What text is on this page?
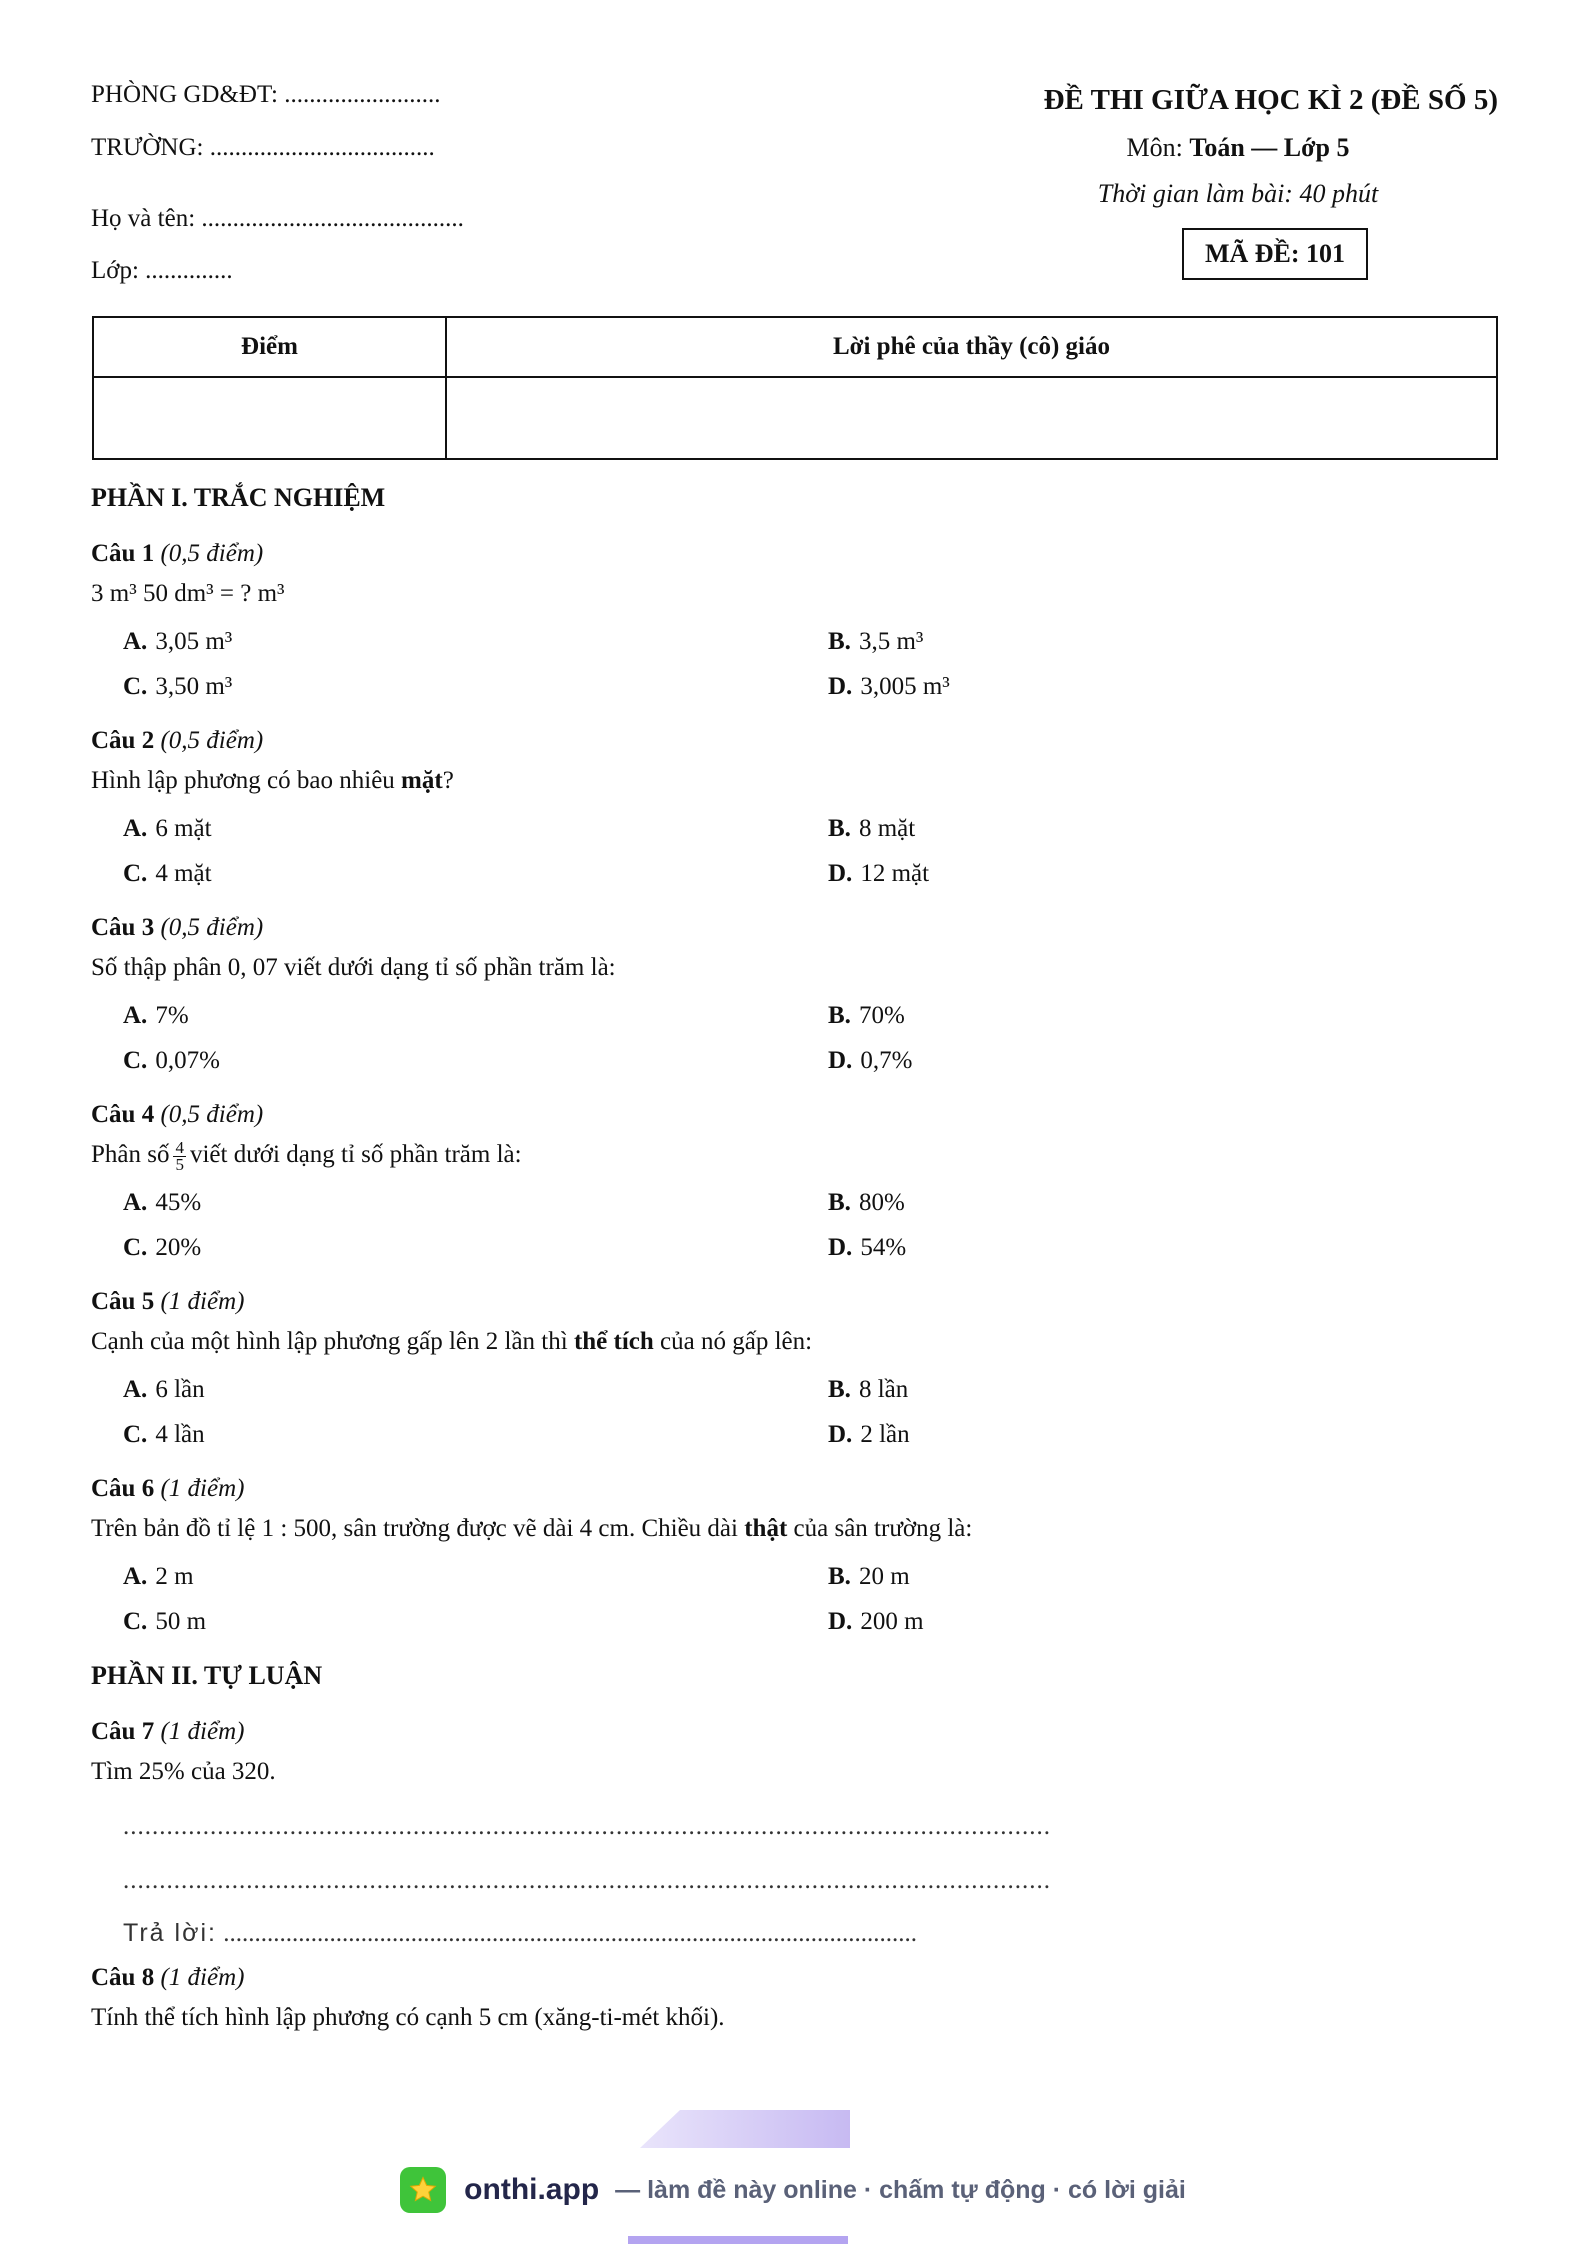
PHÒNG GD&ĐT: .........................
TRƯỜNG: ....................................
Họ và tên: ..........................................
Lớp: ..............
ĐỀ THI GIỮA HỌC KÌ 2 (ĐỀ SỐ 5)
Môn: Toán — Lớp 5
Thời gian làm bài: 40 phút
MÃ ĐỀ: 101
Điểm	Lời phê của thầy (cô) giáo

PHẦN I. TRẮC NGHIỆM
Câu 1 (0,5 điểm)
3 m³ 50 dm³ = ? m³
A. 3,05 m³	B. 3,5 m³
C. 3,50 m³	D. 3,005 m³
Câu 2 (0,5 điểm)
Hình lập phương có bao nhiêu mặt?
A. 6 mặt	B. 8 mặt
C. 4 mặt	D. 12 mặt
Câu 3 (0,5 điểm)
Số thập phân 0, 07 viết dưới dạng tỉ số phần trăm là:
A. 7%	B. 70%
C. 0,07%	D. 0,7%
Câu 4 (0,5 điểm)
Phân số $\frac{4}{5}$ viết dưới dạng tỉ số phần trăm là:
A. 45%	B. 80%
C. 20%	D. 54%
Câu 5 (1 điểm)
Cạnh của một hình lập phương gấp lên 2 lần thì thể tích của nó gấp lên:
A. 6 lần	B. 8 lần
C. 4 lần	D. 2 lần
Câu 6 (1 điểm)
Trên bản đồ tỉ lệ 1 : 500, sân trường được vẽ dài 4 cm. Chiều dài thật của sân trường là:
A. 2 m	B. 20 m
C. 50 m	D. 200 m
PHẦN II. TỰ LUẬN
Câu 7 (1 điểm)
Tìm 25% của 320.
................................................................................................................................
................................................................................................................................
Trả lời: ...............................................................................................................
Câu 8 (1 điểm)
Tính thể tích hình lập phương có cạnh 5 cm (xăng-ti-mét khối).
onthi.app — làm đề này online · chấm tự động · có lời giải
